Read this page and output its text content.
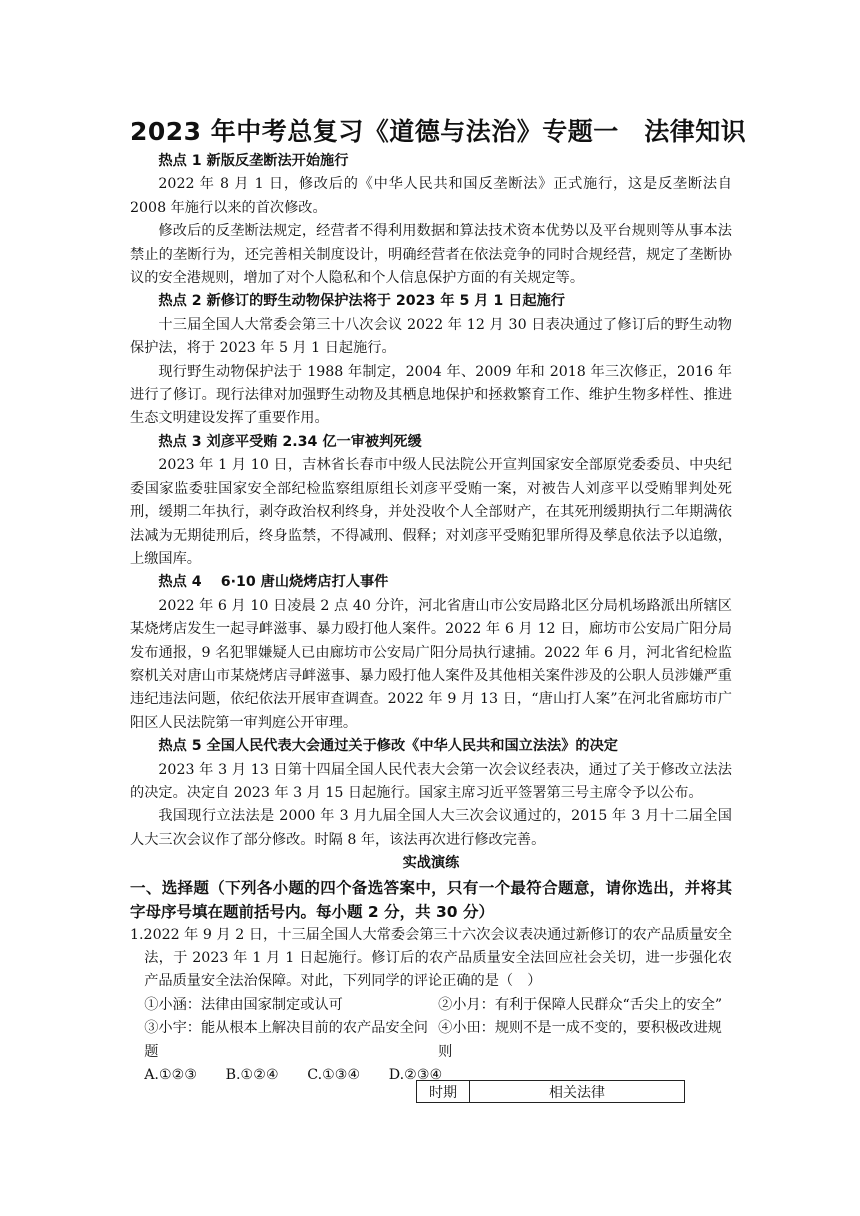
2023 年中考总复习《道德与法治》专题一　法律知识

热点 1 新版反垄断法开始施行

2022 年 8 月 1 日，修改后的《中华人民共和国反垄断法》正式施行，这是反垄断法自 2008 年施行以来的首次修改。

修改后的反垄断法规定，经营者不得利用数据和算法技术资本优势以及平台规则等从事本法禁止的垄断行为，还完善相关制度设计，明确经营者在依法竞争的同时合规经营，规定了垄断协议的安全港规则，增加了对个人隐私和个人信息保护方面的有关规定等。

热点 2 新修订的野生动物保护法将于 2023 年 5 月 1 日起施行

十三届全国人大常委会第三十八次会议 2022 年 12 月 30 日表决通过了修订后的野生动物保护法，将于 2023 年 5 月 1 日起施行。

现行野生动物保护法于 1988 年制定，2004 年、2009 年和 2018 年三次修正，2016 年进行了修订。现行法律对加强野生动物及其栖息地保护和拯救繁育工作、维护生物多样性、推进生态文明建设发挥了重要作用。

热点 3 刘彦平受贿 2.34 亿一审被判死缓

2023 年 1 月 10 日，吉林省长春市中级人民法院公开宣判国家安全部原党委委员、中央纪委国家监委驻国家安全部纪检监察组原组长刘彦平受贿一案，对被告人刘彦平以受贿罪判处死刑，缓期二年执行，剥夺政治权利终身，并处没收个人全部财产，在其死刑缓期执行二年期满依法减为无期徒刑后，终身监禁，不得减刑、假释；对刘彦平受贿犯罪所得及孳息依法予以追缴，上缴国库。

热点 4　 6·10 唐山烧烤店打人事件

2022 年 6 月 10 日凌晨 2 点 40 分许，河北省唐山市公安局路北区分局机场路派出所辖区某烧烤店发生一起寻衅滋事、暴力殴打他人案件。2022 年 6 月 12 日，廊坊市公安局广阳分局发布通报，9 名犯罪嫌疑人已由廊坊市公安局广阳分局执行逮捕。2022 年 6 月，河北省纪检监察机关对唐山市某烧烤店寻衅滋事、暴力殴打他人案件及其他相关案件涉及的公职人员涉嫌严重违纪违法问题，依纪依法开展审查调查。2022 年 9 月 13 日，“唐山打人案”在河北省廊坊市广阳区人民法院第一审判庭公开审理。

热点 5 全国人民代表大会通过关于修改《中华人民共和国立法法》的决定

2023 年 3 月 13 日第十四届全国人民代表大会第一次会议经表决，通过了关于修改立法法的决定。决定自 2023 年 3 月 15 日起施行。国家主席习近平签署第三号主席令予以公布。

我国现行立法法是 2000 年 3 月九届全国人大三次会议通过的，2015 年 3 月十二届全国人大三次会议作了部分修改。时隔 8 年，该法再次进行修改完善。

实战演练

一、选择题（下列各小题的四个备选答案中，只有一个最符合题意，请你选出，并将其字母序号填在题前括号内。每小题 2 分，共 30 分）

1.2022 年 9 月 2 日，十三届全国人大常委会第三十六次会议表决通过新修订的农产品质量安全法，于 2023 年 1 月 1 日起施行。修订后的农产品质量安全法回应社会关切，进一步强化农产品质量安全法治保障。对此，下列同学的评论正确的是（　）

①小涵：法律由国家制定或认可	②小月：有利于保障人民群众“舌尖上的安全”
③小宇：能从根本上解决目前的农产品安全问题
④小田：规则不是一成不变的，要积极改进规则
A.①②③ B.①②④ C.①③④ D.②③④
时期	相关法律
